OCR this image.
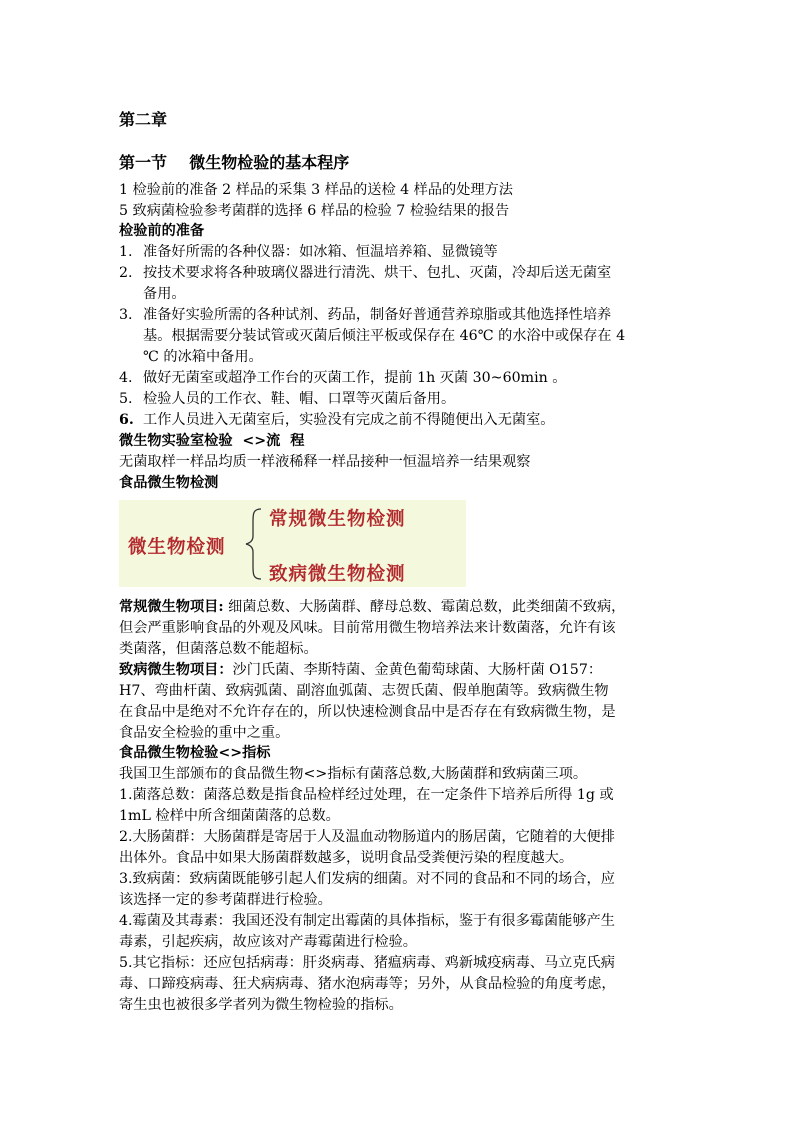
第二章
第一节    微生物检验的基本程序
1 检验前的准备 2 样品的采集 3 样品的送检 4 样品的处理方法
5 致病菌检验参考菌群的选择 6 样品的检验 7 检验结果的报告
检验前的准备
1. 准备好所需的各种仪器：如冰箱、恒温培养箱、显微镜等
2. 按技术要求将各种玻璃仪器进行清洗、烘干、包扎、灭菌，冷却后送无菌室
备用。
3. 准备好实验所需的各种试剂、药品，制备好普通营养琼脂或其他选择性培养
基。根据需要分装试管或灭菌后倾注平板或保存在 46℃ 的水浴中或保存在 4
℃ 的冰箱中备用。
4. 做好无菌室或超净工作台的灭菌工作，提前 1h 灭菌 30~60min 。
5. 检验人员的工作衣、鞋、帽、口罩等灭菌后备用。
6. 工作人员进入无菌室后，实验没有完成之前不得随便出入无菌室。
微生物实验室检验  <>流  程
无菌取样一样品均质一样液稀释一样品接种一恒温培养一结果观察
食品微生物检测
微生物检测
常规微生物检测
致病微生物检测
常规微生物项目: 细菌总数、大肠菌群、酵母总数、霉菌总数，此类细菌不致病，
但会严重影响食品的外观及风味。目前常用微生物培养法来计数菌落，允许有该
类菌落，但菌落总数不能超标。
致病微生物项目：沙门氏菌、李斯特菌、金黄色葡萄球菌、大肠杆菌 O157：
H7、弯曲杆菌、致病弧菌、副溶血弧菌、志贺氏菌、假单胞菌等。致病微生物
在食品中是绝对不允许存在的，所以快速检测食品中是否存在有致病微生物，是
食品安全检验的重中之重。
食品微生物检验<>指标
我国卫生部颁布的食品微生物<>指标有菌落总数,大肠菌群和致病菌三项。
1.菌落总数：菌落总数是指食品检样经过处理，在一定条件下培养后所得 1g 或
1mL 检样中所含细菌菌落的总数。
2.大肠菌群：大肠菌群是寄居于人及温血动物肠道内的肠居菌，它随着的大便排
出体外。食品中如果大肠菌群数越多，说明食品受粪便污染的程度越大。
3.致病菌：致病菌既能够引起人们发病的细菌。对不同的食品和不同的场合，应
该选择一定的参考菌群进行检验。
4.霉菌及其毒素：我国还没有制定出霉菌的具体指标，鉴于有很多霉菌能够产生
毒素，引起疾病，故应该对产毒霉菌进行检验。
5.其它指标：还应包括病毒：肝炎病毒、猪瘟病毒、鸡新城疫病毒、马立克氏病
毒、口蹄疫病毒、狂犬病病毒、猪水泡病毒等；另外，从食品检验的角度考虑，
寄生虫也被很多学者列为微生物检验的指标。
